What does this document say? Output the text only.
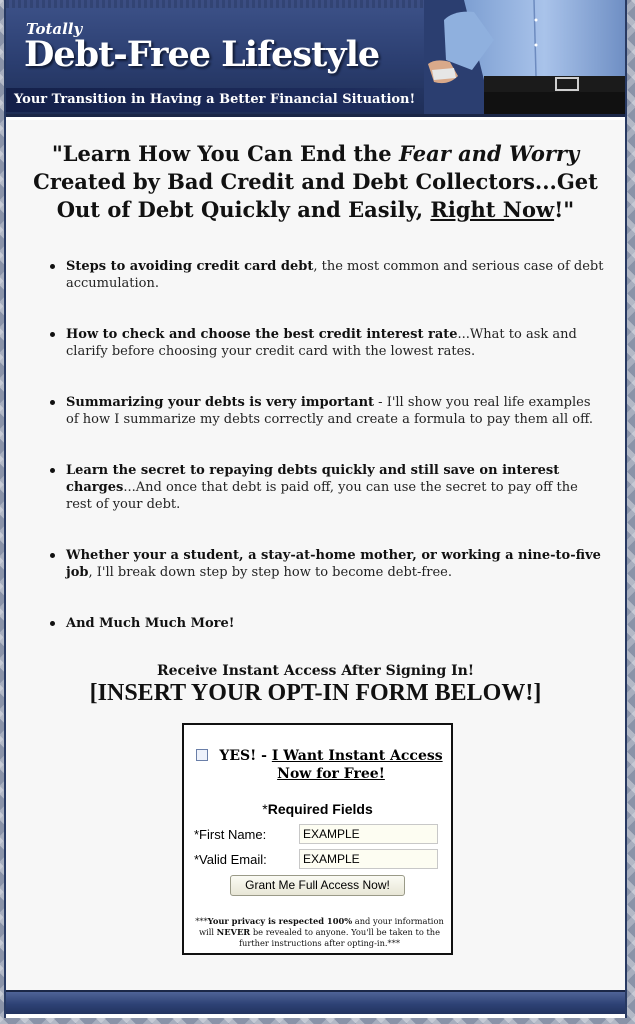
Totally
Debt-Free Lifestyle
Your Transition in Having a Better Financial Situation!
"Learn How You Can End the Fear and Worry Created by Bad Credit and Debt Collectors...Get Out of Debt Quickly and Easily, Right Now!"
Steps to avoiding credit card debt, the most common and serious case of debt accumulation.
How to check and choose the best credit interest rate...What to ask and clarify before choosing your credit card with the lowest rates.
Summarizing your debts is very important - I'll show you real life examples of how I summarize my debts correctly and create a formula to pay them all off.
Learn the secret to repaying debts quickly and still save on interest charges...And once that debt is paid off, you can use the secret to pay off the rest of your debt.
Whether your a student, a stay-at-home mother, or working a nine-to-five job, I'll break down step by step how to become debt-free.
And Much Much More!
Receive Instant Access After Signing In!
[INSERT YOUR OPT-IN FORM BELOW!]
YES! - I Want Instant Access Now for Free!
*Required Fields
*First Name:	EXAMPLE
*Valid Email:	EXAMPLE
Grant Me Full Access Now!
***Your privacy is respected 100% and your information will NEVER be revealed to anyone. You'll be taken to the further instructions after opting-in.***
